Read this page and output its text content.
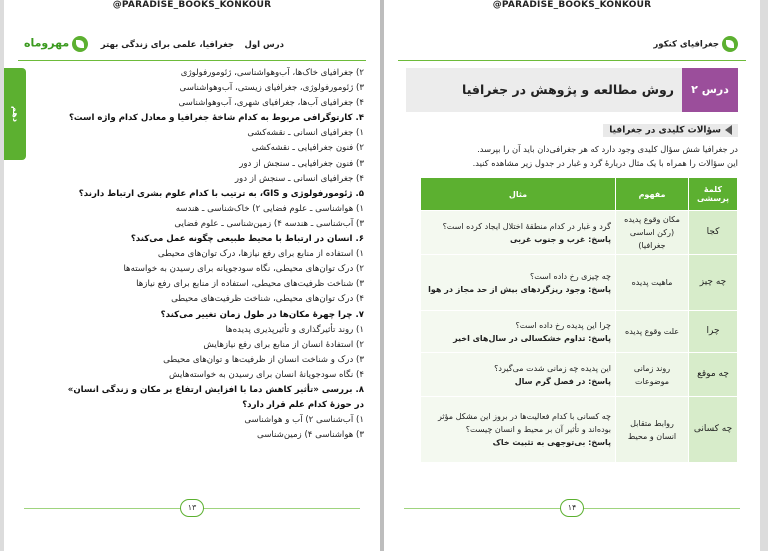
@PARADISE_BOOKS_KONKOUR
درس اول
جغرافیا، علمی برای زندگی بهتر
مهروماه
دهم
۲) جغرافیای خاک‌ها، آب‌وهواشناسی، ژئومورفولوژی
۳) ژئومورفولوژی، جغرافیای زیستی، آب‌وهواشناسی
۴) جغرافیای آب‌ها، جغرافیای شهری، آب‌وهواشناسی
۴. کارتوگرافی مربوط به کدام شاخهٔ جغرافیا و معادل کدام واژه است؟
۱) جغرافیای انسانی ـ نقشه‌کشی
۲) فنون جغرافیایی ـ نقشه‌کشی
۳) فنون جغرافیایی ـ سنجش از دور
۴) جغرافیای انسانی ـ سنجش از دور
۵. ژئومورفولوژی و GIS، به ترتیب با کدام علوم بشری ارتباط دارند؟
۱) هواشناسی ـ علوم فضایی ۲) خاک‌شناسی ـ هندسه
۳) آب‌شناسی ـ هندسه ۴) زمین‌شناسی ـ علوم فضایی
۶. انسان در ارتباط با محیط طبیعی چگونه عمل می‌کند؟
۱) استفاده از منابع برای رفع نیازها، درک توان‌های محیطی
۲) درک توان‌های محیطی، نگاه سودجویانه برای رسیدن به خواسته‌ها
۳) شناخت ظرفیت‌های محیطی، استفاده از منابع برای رفع نیازها
۴) درک توان‌های محیطی، شناخت ظرفیت‌های محیطی
۷. چرا چهرهٔ مکان‌ها در طول زمان تغییر می‌کند؟
۱) روند تأثیرگذاری و تأثیرپذیری پدیده‌ها
۲) استفادهٔ انسان از منابع برای رفع نیازهایش
۳) درک و شناخت انسان از ظرفیت‌ها و توان‌های محیطی
۴) نگاه سودجویانهٔ انسان برای رسیدن به خواسته‌هایش
۸. بررسی «تأثیر کاهش دما با افزایش ارتفاع بر مکان و زندگی انسان»
در حوزهٔ کدام علم قرار دارد؟
۱) آب‌شناسی ۲) آب و هواشناسی
۳) هواشناسی ۴) زمین‌شناسی
۱۳
@PARADISE_BOOKS_KONKOUR
جغرافیای کنکور
درس ۲
روش مطالعه و پژوهش در جغرافیا
سؤالات کلیدی در جغرافیا
در جغرافیا شش سؤال کلیدی وجود دارد که هر جغرافی‌دان باید آن را بپرسد.
این سؤالات را همراه با یک مثال دربارهٔ گرد و غبار در جدول زیر مشاهده کنید.
کلمهٔ پرسشی	مفهوم	مثال
کجا	مکان وقوع پدیده (رکن اساسی جغرافیا)	گرد و غبار در کدام منطقهٔ اختلال ایجاد کرده است؟
پاسخ: غرب و جنوب غربی

چه چیز	ماهیت پدیده	چه چیزی رخ داده است؟
پاسخ: وجود ریزگردهای بیش از حد مجاز در هوا

چرا	علت وقوع پدیده	چرا این پدیده رخ داده است؟
پاسخ: تداوم خشکسالی در سال‌های اخیر

چه موقع	روند زمانی موضوعات	این پدیده چه زمانی شدت می‌گیرد؟
پاسخ: در فصل گرم سال

چه کسانی	روابط متقابل انسان و محیط	چه کسانی با کدام فعالیت‌ها در بروز این مشکل مؤثر بوده‌اند و تأثیر آن بر محیط و انسان چیست؟
پاسخ: بی‌توجهی به تثبیت خاک
۱۴
